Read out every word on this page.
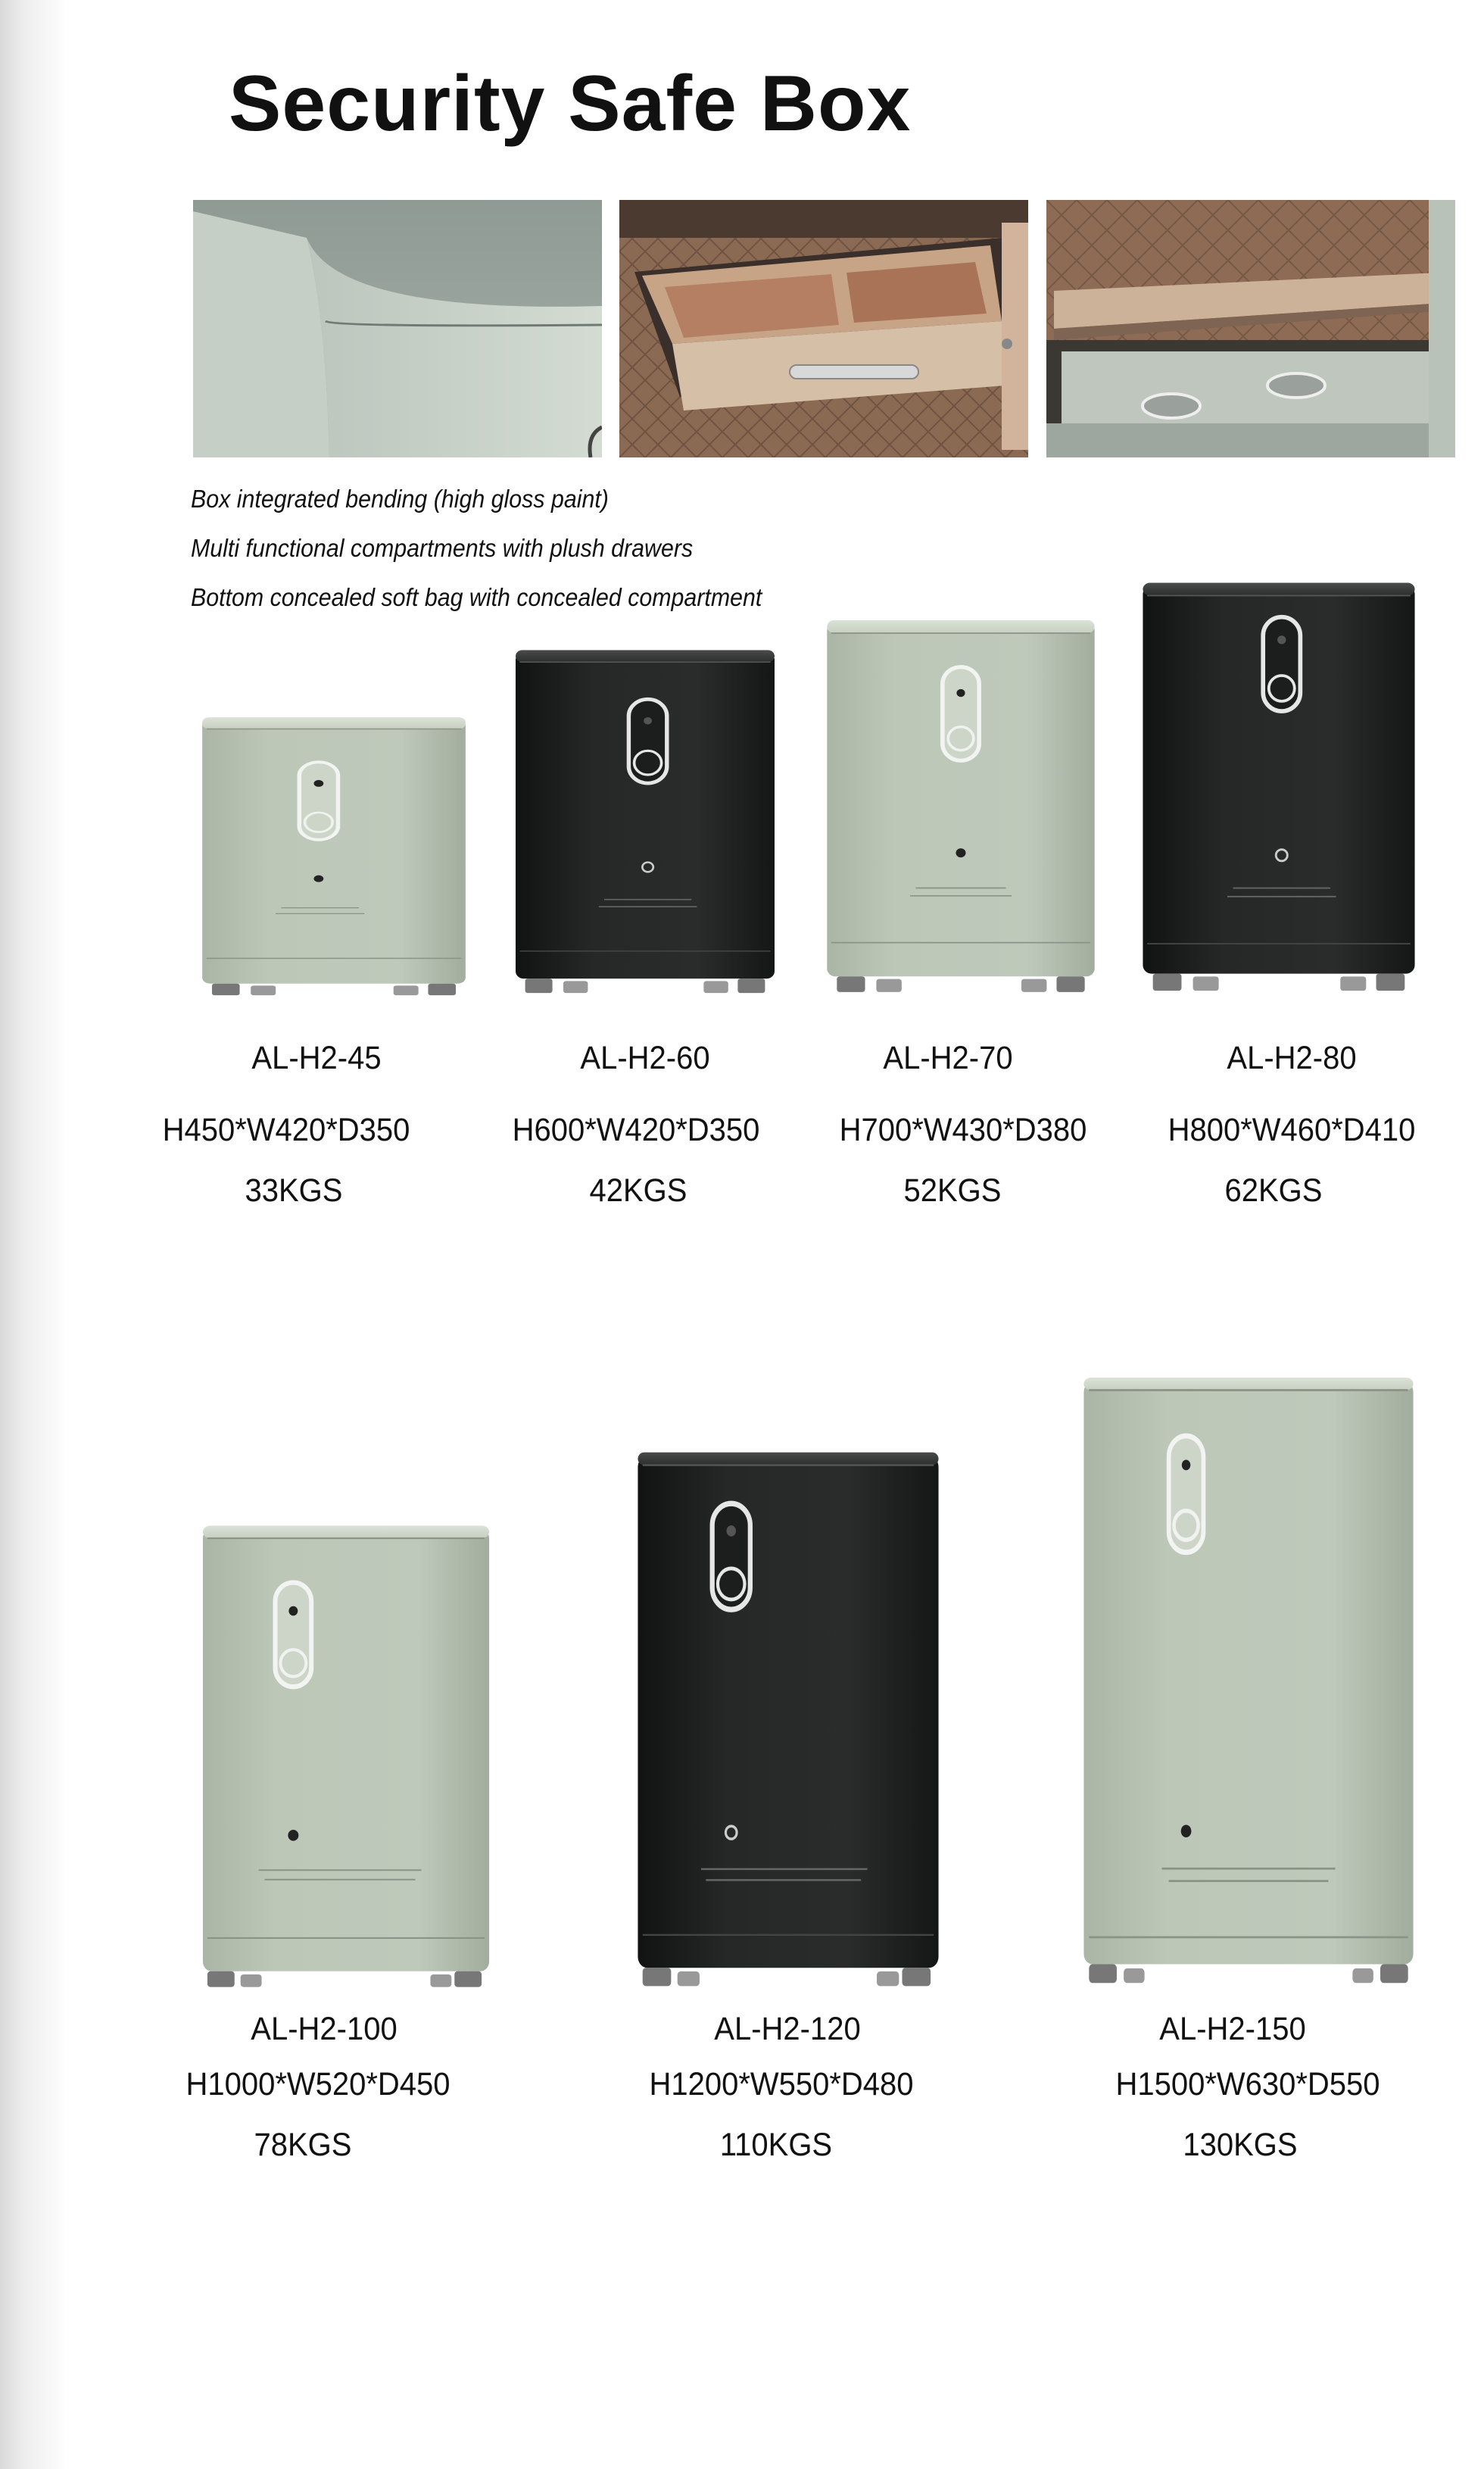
Security Safe Box
Box integrated bending (high gloss paint)
Multi functional compartments with plush drawers
Bottom concealed soft bag with concealed compartment
AL-H2-45
H450*W420*D350
33KGS
AL-H2-60
H600*W420*D350
42KGS
AL-H2-70
H700*W430*D380
52KGS
AL-H2-80
H800*W460*D410
62KGS
AL-H2-100
H1000*W520*D450
78KGS
AL-H2-120
H1200*W550*D480
110KGS
AL-H2-150
H1500*W630*D550
130KGS
